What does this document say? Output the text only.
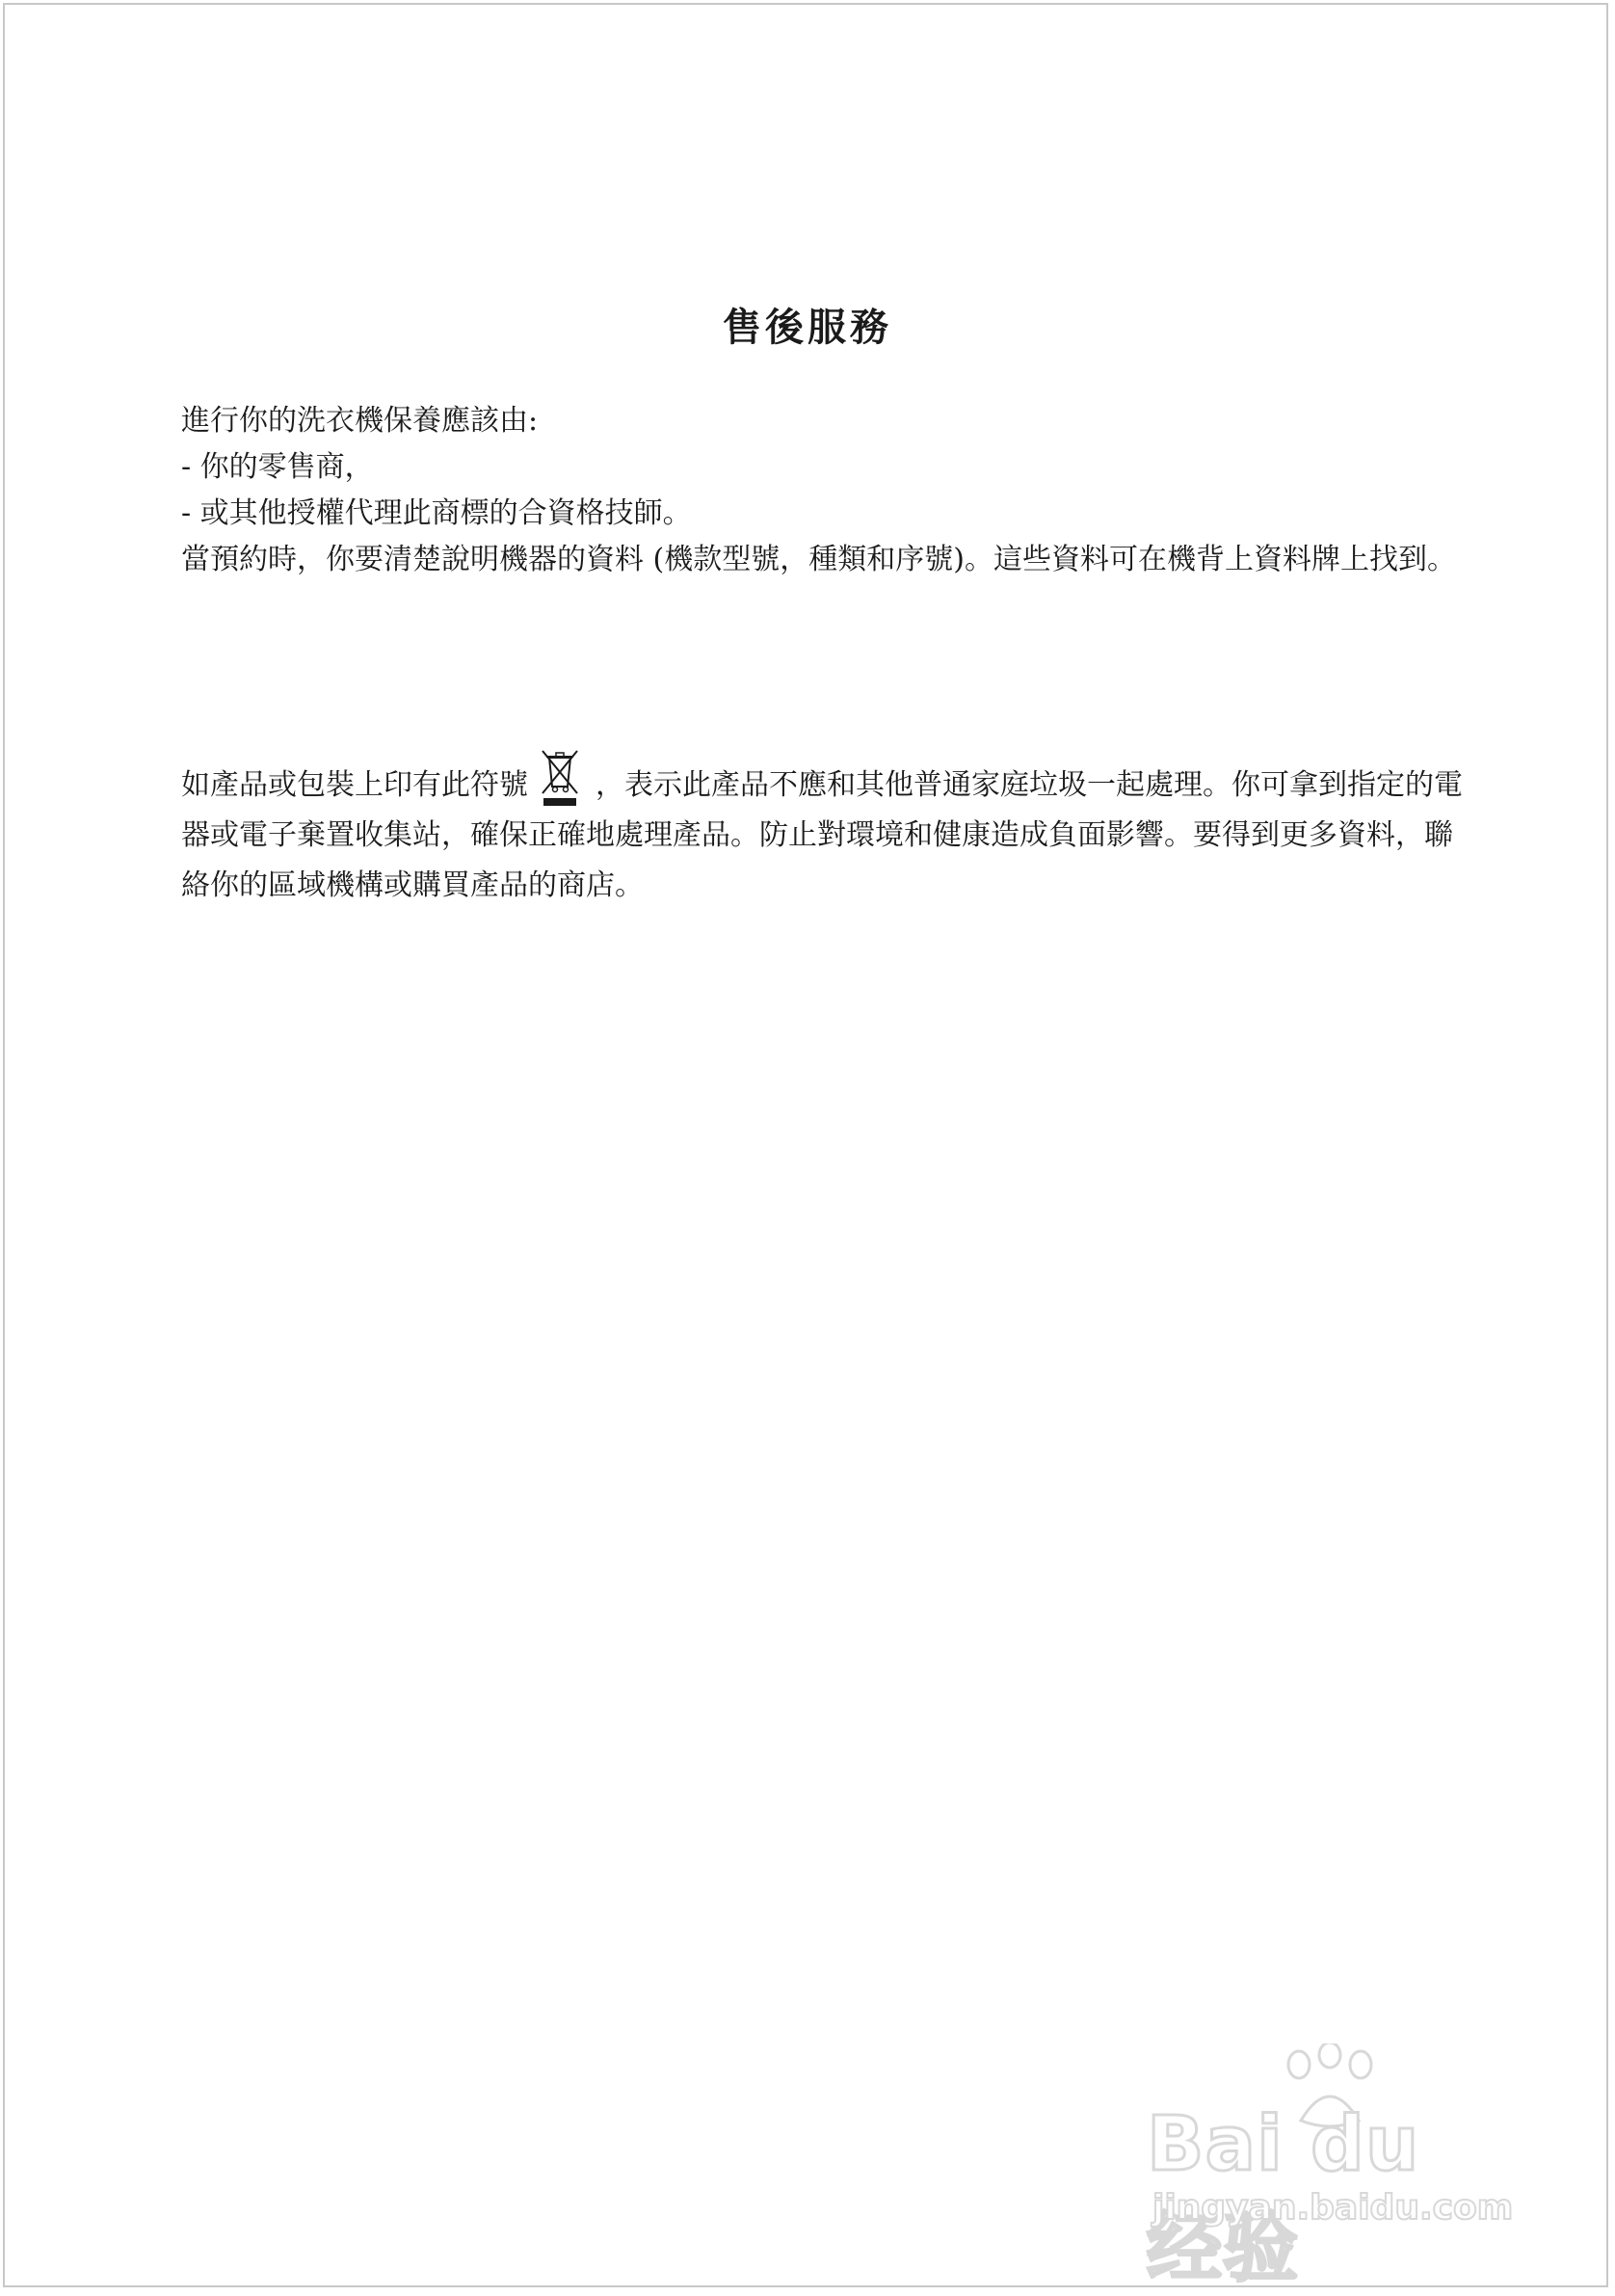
售後服務

進行你的洗衣機保養應該由:

- 你的零售商，

- 或其他授權代理此商標的合資格技師。

當預約時，你要清楚說明機器的資料 (機款型號，種類和序號)。這些資料可在機背上資料牌上找到。

如產品或包裝上印有此符號 ，表示此產品不應和其他普通家庭垃圾一起處理。你可拿到指定的電器或電子棄置收集站，確保正確地處理產品。防止對環境和健康造成負面影響。要得到更多資料，聯絡你的區域機構或購買產品的商店。
Bai du 经验
jingyan.baidu.com
